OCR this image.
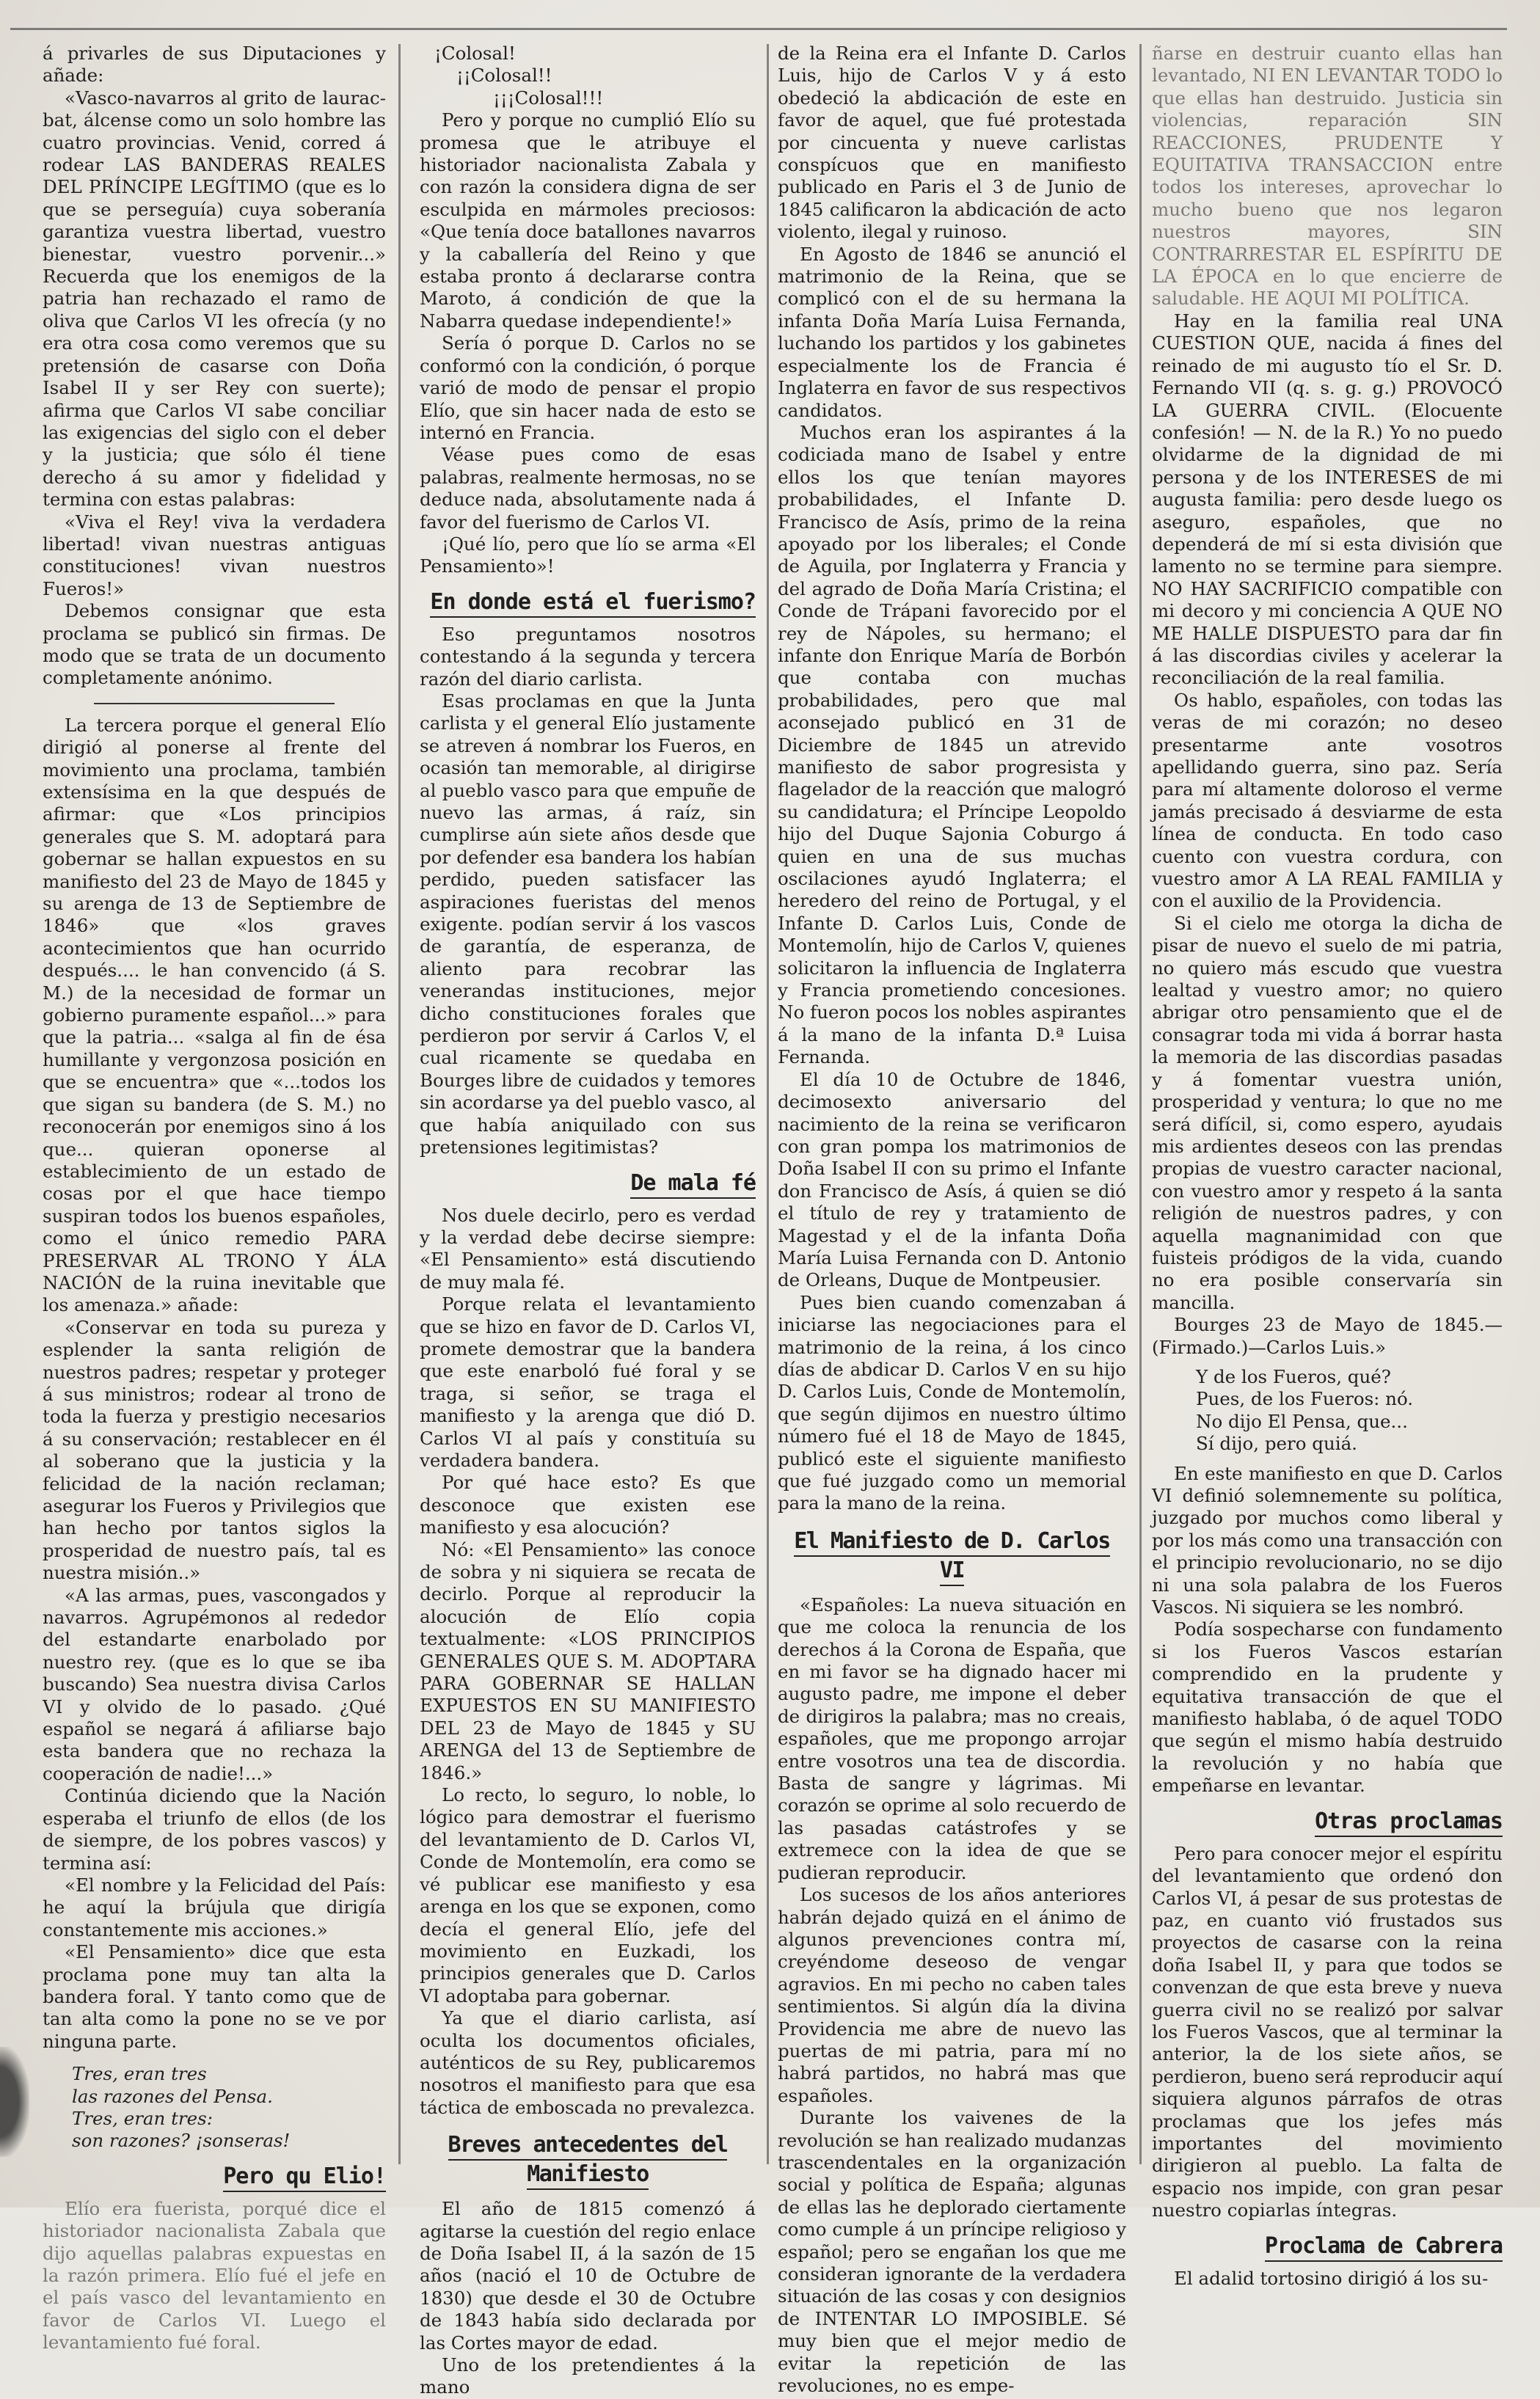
á privarles de sus Diputaciones y añade:

«Vasco-navarros al grito de laurac-bat, álcense como un solo hombre las cuatro provincias. Venid, corred á rodear LAS BANDERAS REALES DEL PRÍNCIPE LEGÍTIMO (que es lo que se perseguía) cuya soberanía garantiza vuestra libertad, vuestro bienestar, vuestro porvenir...» Recuerda que los enemigos de la patria han rechazado el ramo de oliva que Carlos VI les ofrecía (y no era otra cosa como veremos que su pretensión de casarse con Doña Isabel II y ser Rey con suerte); afirma que Carlos VI sabe conciliar las exigencias del siglo con el deber y la justicia; que sólo él tiene derecho á su amor y fidelidad y termina con estas palabras:

«Viva el Rey! viva la verdadera libertad! vivan nuestras antiguas constituciones! vivan nuestros Fueros!»

Debemos consignar que esta proclama se publicó sin firmas. De modo que se trata de un documento completamente anónimo.

La tercera porque el general Elío dirigió al ponerse al frente del movimiento una proclama, también extensísima en la que después de afirmar: que «Los principios generales que S. M. adoptará para gobernar se hallan expuestos en su manifiesto del 23 de Mayo de 1845 y su arenga de 13 de Septiembre de 1846» que «los graves acontecimientos que han ocurrido después.... le han convencido (á S. M.) de la necesidad de formar un gobierno puramente español...» para que la patria... «salga al fin de ésa humillante y vergonzosa posición en que se encuentra» que «...todos los que sigan su bandera (de S. M.) no reconocerán por enemigos sino á los que... quieran oponerse al establecimiento de un estado de cosas por el que hace tiempo suspiran todos los buenos españoles, como el único remedio PARA PRESERVAR AL TRONO Y ÁLA NACIÓN de la ruina inevitable que los amenaza.» añade:

«Conservar en toda su pureza y esplender la santa religión de nuestros padres; respetar y proteger á sus ministros; rodear al trono de toda la fuerza y prestigio necesarios á su conservación; restablecer en él al soberano que la justicia y la felicidad de la nación reclaman; asegurar los Fueros y Privilegios que han hecho por tantos siglos la prosperidad de nuestro país, tal es nuestra misión..»

«A las armas, pues, vascongados y navarros. Agrupémonos al rededor del estandarte enarbolado por nuestro rey. (que es lo que se iba buscando) Sea nuestra divisa Carlos VI y olvido de lo pasado. ¿Qué español se negará á afiliarse bajo esta bandera que no rechaza la cooperación de nadie!...»

Continúa diciendo que la Nación esperaba el triunfo de ellos (de los de siempre, de los pobres vascos) y termina así:

«El nombre y la Felicidad del País: he aquí la brújula que dirigía constantemente mis acciones.»

«El Pensamiento» dice que esta proclama pone muy tan alta la bandera foral. Y tanto como que de tan alta como la pone no se ve por ninguna parte.

Tres, eran tres

las razones del Pensa.

Tres, eran tres:

son razones? ¡sonseras!

Pero qu Elio!

Elío era fuerista, porqué dice el historiador nacionalista Zabala que dijo aquellas palabras expuestas en la razón primera. Elío fué el jefe en el país vasco del levantamiento en favor de Carlos VI. Luego el levantamiento fué foral.

¡Colosal!

¡¡Colosal!!

¡¡¡Colosal!!!

Pero y porque no cumplió Elío su promesa que le atribuye el historiador nacionalista Zabala y con razón la considera digna de ser esculpida en mármoles preciosos: «Que tenía doce batallones navarros y la caballería del Reino y que estaba pronto á declararse contra Maroto, á condición de que la Nabarra quedase independiente!»

Sería ó porque D. Carlos no se conformó con la condición, ó porque varió de modo de pensar el propio Elío, que sin hacer nada de esto se internó en Francia.

Véase pues como de esas palabras, realmente hermosas, no se deduce nada, absolutamente nada á favor del fuerismo de Carlos VI.

¡Qué lío, pero que lío se arma «El Pensamiento»!

En donde está el fuerismo?

Eso preguntamos nosotros contestando á la segunda y tercera razón del diario carlista.

Esas proclamas en que la Junta carlista y el general Elío justamente se atreven á nombrar los Fueros, en ocasión tan memorable, al dirigirse al pueblo vasco para que empuñe de nuevo las armas, á raíz, sin cumplirse aún siete años desde que por defender esa bandera los habían perdido, pueden satisfacer las aspiraciones fueristas del menos exigente. podían servir á los vascos de garantía, de esperanza, de aliento para recobrar las venerandas instituciones, mejor dicho constituciones forales que perdieron por servir á Carlos V, el cual ricamente se quedaba en Bourges libre de cuidados y temores sin acordarse ya del pueblo vasco, al que había aniquilado con sus pretensiones legitimistas?

De mala fé

Nos duele decirlo, pero es verdad y la verdad debe decirse siempre: «El Pensamiento» está discutiendo de muy mala fé.

Porque relata el levantamiento que se hizo en favor de D. Carlos VI, promete demostrar que la bandera que este enarboló fué foral y se traga, si señor, se traga el manifiesto y la arenga que dió D. Carlos VI al país y constituía su verdadera bandera.

Por qué hace esto? Es que desconoce que existen ese manifiesto y esa alocución?

Nó: «El Pensamiento» las conoce de sobra y ni siquiera se recata de decirlo. Porque al reproducir la alocución de Elío copia textualmente: «LOS PRINCIPIOS GENERALES QUE S. M. ADOPTARA PARA GOBERNAR SE HALLAN EXPUESTOS EN SU MANIFIESTO DEL 23 de Mayo de 1845 y SU ARENGA del 13 de Septiembre de 1846.»

Lo recto, lo seguro, lo noble, lo lógico para demostrar el fuerismo del levantamiento de D. Carlos VI, Conde de Montemolín, era como se vé publicar ese manifiesto y esa arenga en los que se exponen, como decía el general Elío, jefe del movimiento en Euzkadi, los principios generales que D. Carlos VI adoptaba para gobernar.

Ya que el diario carlista, así oculta los documentos oficiales, auténticos de su Rey, publicaremos nosotros el manifiesto para que esa táctica de emboscada no prevalezca.

Breves antecedentes del Manifiesto

El año de 1815 comenzó á agitarse la cuestión del regio enlace de Doña Isabel II, á la sazón de 15 años (nació el 10 de Octubre de 1830) que desde el 30 de Octubre de 1843 había sido declarada por las Cortes mayor de edad.

Uno de los pretendientes á la mano

de la Reina era el Infante D. Carlos Luis, hijo de Carlos V y á esto obedeció la abdicación de este en favor de aquel, que fué protestada por cincuenta y nueve carlistas conspícuos que en manifiesto publicado en Paris el 3 de Junio de 1845 calificaron la abdicación de acto violento, ilegal y ruinoso.

En Agosto de 1846 se anunció el matrimonio de la Reina, que se complicó con el de su hermana la infanta Doña María Luisa Fernanda, luchando los partidos y los gabinetes especialmente los de Francia é Inglaterra en favor de sus respectivos candidatos.

Muchos eran los aspirantes á la codiciada mano de Isabel y entre ellos los que tenían mayores probabilidades, el Infante D. Francisco de Asís, primo de la reina apoyado por los liberales; el Conde de Aguila, por Inglaterra y Francia y del agrado de Doña María Cristina; el Conde de Trápani favorecido por el rey de Nápoles, su hermano; el infante don Enrique María de Borbón que contaba con muchas probabilidades, pero que mal aconsejado publicó en 31 de Diciembre de 1845 un atrevido manifiesto de sabor progresista y flagelador de la reacción que malogró su candidatura; el Príncipe Leopoldo hijo del Duque Sajonia Coburgo á quien en una de sus muchas oscilaciones ayudó Inglaterra; el heredero del reino de Portugal, y el Infante D. Carlos Luis, Conde de Montemolín, hijo de Carlos V, quienes solicitaron la influencia de Inglaterra y Francia prometiendo concesiones. No fueron pocos los nobles aspirantes á la mano de la infanta D.ª Luisa Fernanda.

El día 10 de Octubre de 1846, decimosexto aniversario del nacimiento de la reina se verificaron con gran pompa los matrimonios de Doña Isabel II con su primo el Infante don Francisco de Asís, á quien se dió el título de rey y tratamiento de Magestad y el de la infanta Doña María Luisa Fernanda con D. Antonio de Orleans, Duque de Montpeusier.

Pues bien cuando comenzaban á iniciarse las negociaciones para el matrimonio de la reina, á los cinco días de abdicar D. Carlos V en su hijo D. Carlos Luis, Conde de Montemolín, que según dijimos en nuestro último número fué el 18 de Mayo de 1845, publicó este el siguiente manifiesto que fué juzgado como un memorial para la mano de la reina.

El Manifiesto de D. Carlos VI

«Españoles: La nueva situación en que me coloca la renuncia de los derechos á la Corona de España, que en mi favor se ha dignado hacer mi augusto padre, me impone el deber de dirigiros la palabra; mas no creais, españoles, que me propongo arrojar entre vosotros una tea de discordia. Basta de sangre y lágrimas. Mi corazón se oprime al solo recuerdo de las pasadas catástrofes y se extremece con la idea de que se pudieran reproducir.

Los sucesos de los años anteriores habrán dejado quizá en el ánimo de algunos prevenciones contra mí, creyéndome deseoso de vengar agravios. En mi pecho no caben tales sentimientos. Si algún día la divina Providencia me abre de nuevo las puertas de mi patria, para mí no habrá partidos, no habrá mas que españoles.

Durante los vaivenes de la revolución se han realizado mudanzas trascendentales en la organización social y política de España; algunas de ellas las he deplorado ciertamente como cumple á un príncipe religioso y español; pero se engañan los que me consideran ignorante de la verdadera situación de las cosas y con designios de INTENTAR LO IMPOSIBLE. Sé muy bien que el mejor medio de evitar la repetición de las revoluciones, no es empe-

ñarse en destruir cuanto ellas han levantado, NI EN LEVANTAR TODO lo que ellas han destruido. Justicia sin violencias, reparación SIN REACCIONES, PRUDENTE Y EQUITATIVA TRANSACCION entre todos los intereses, aprovechar lo mucho bueno que nos legaron nuestros mayores, SIN CONTRARRESTAR EL ESPÍRITU DE LA ÉPOCA en lo que encierre de saludable. HE AQUI MI POLÍTICA.

Hay en la familia real UNA CUESTION QUE, nacida á fines del reinado de mi augusto tío el Sr. D. Fernando VII (q. s. g. g.) PROVOCÓ LA GUERRA CIVIL. (Elocuente confesión! — N. de la R.) Yo no puedo olvidarme de la dignidad de mi persona y de los INTERESES de mi augusta familia: pero desde luego os aseguro, españoles, que no dependerá de mí si esta división que lamento no se termine para siempre. NO HAY SACRIFICIO compatible con mi decoro y mi conciencia A QUE NO ME HALLE DISPUESTO para dar fin á las discordias civiles y acelerar la reconciliación de la real familia.

Os hablo, españoles, con todas las veras de mi corazón; no deseo presentarme ante vosotros apellidando guerra, sino paz. Sería para mí altamente doloroso el verme jamás precisado á desviarme de esta línea de conducta. En todo caso cuento con vuestra cordura, con vuestro amor A LA REAL FAMILIA y con el auxilio de la Providencia.

Si el cielo me otorga la dicha de pisar de nuevo el suelo de mi patria, no quiero más escudo que vuestra lealtad y vuestro amor; no quiero abrigar otro pensamiento que el de consagrar toda mi vida á borrar hasta la memoria de las discordias pasadas y á fomentar vuestra unión, prosperidad y ventura; lo que no me será difícil, si, como espero, ayudais mis ardientes deseos con las prendas propias de vuestro caracter nacional, con vuestro amor y respeto á la santa religión de nuestros padres, y con aquella magnanimidad con que fuisteis pródigos de la vida, cuando no era posible conservaría sin mancilla.

Bourges 23 de Mayo de 1845.—(Firmado.)—Carlos Luis.»

Y de los Fueros, qué?

Pues, de los Fueros: nó.

No dijo El Pensa, que...

Sí dijo, pero quiá.

En este manifiesto en que D. Carlos VI definió solemnemente su política, juzgado por muchos como liberal y por los más como una transacción con el principio revolucionario, no se dijo ni una sola palabra de los Fueros Vascos. Ni siquiera se les nombró.

Podía sospecharse con fundamento si los Fueros Vascos estarían comprendido en la prudente y equitativa transacción de que el manifiesto hablaba, ó de aquel TODO que según el mismo había destruido la revolución y no había que empeñarse en levantar.

Otras proclamas

Pero para conocer mejor el espíritu del levantamiento que ordenó don Carlos VI, á pesar de sus protestas de paz, en cuanto vió frustados sus proyectos de casarse con la reina doña Isabel II, y para que todos se convenzan de que esta breve y nueva guerra civil no se realizó por salvar los Fueros Vascos, que al terminar la anterior, la de los siete años, se perdieron, bueno será reproducir aquí siquiera algunos párrafos de otras proclamas que los jefes más importantes del movimiento dirigieron al pueblo. La falta de espacio nos impide, con gran pesar nuestro copiarlas íntegras.

Proclama de Cabrera

El adalid tortosino dirigió á los su-
